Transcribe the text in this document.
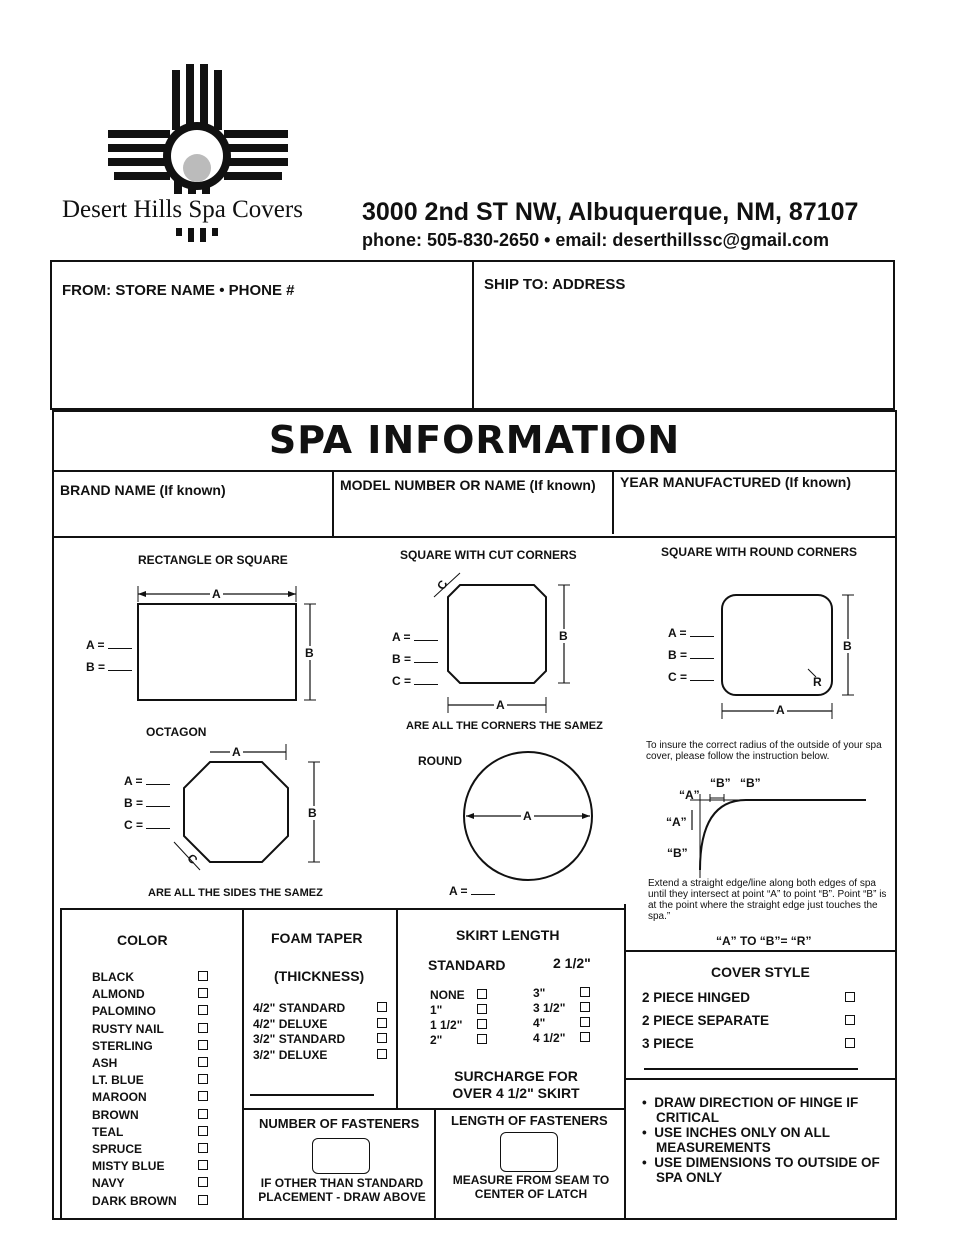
Desert Hills Spa Covers 3000 2nd ST NW, Albuquerque, NM, 87107
phone: 505-830-2650 • email: deserthillssc@gmail.com
FROM: STORE NAME • PHONE #	SHIP TO: ADDRESS
SPA INFORMATION
BRAND NAME (If known)	MODEL NUMBER OR NAME (If known) YEAR MANUFACTURED (If known)
RECTANGLE OR SQUARE
A
B
A =
B =
SQUARE WITH CUT CORNERS
C
B
A
A =
B =
C =
ARE ALL THE CORNERS THE SAMEZ
SQUARE WITH ROUND CORNERS
B
A
R
A =
B =
C =
OCTAGON
A
B
C
A =
B =
C =
ARE ALL THE SIDES THE SAMEZ
ROUND
A
A =
To insure the correct radius of the outside of your spa cover, please follow the instruction below.
“A”
“B” “B”
“A”
“B”
Extend a straight edge/line along both edges of spa until they intersect at point “A” to point “B”. Point “B” is at the point where the straight edge just touches the spa.”
“A” TO “B”= “R”
COLOR
BLACK
ALMOND
PALOMINO
RUSTY NAIL
STERLING
ASH
LT. BLUE
MAROON
BROWN
TEAL
SPRUCE
MISTY BLUE
NAVY
DARK BROWN
FOAM TAPER
(THICKNESS)
4/2" STANDARD
4/2" DELUXE
3/2" STANDARD
3/2" DELUXE
SKIRT LENGTH
STANDARD	2 1/2"
NONE
1"
1 1/2"
2"
3"
3 1/2"
4"
4 1/2"
SURCHARGE FOR OVER 4 1/2" SKIRT
NUMBER OF FASTENERS
IF OTHER THAN STANDARD PLACEMENT - DRAW ABOVE
LENGTH OF FASTENERS
MEASURE FROM SEAM TO CENTER OF LATCH
COVER STYLE
2 PIECE HINGED
2 PIECE SEPARATE
3 PIECE
•  DRAW DIRECTION OF HINGE IF CRITICAL
•  USE INCHES ONLY ON ALL MEASUREMENTS
•  USE DIMENSIONS TO OUTSIDE OF SPA ONLY
